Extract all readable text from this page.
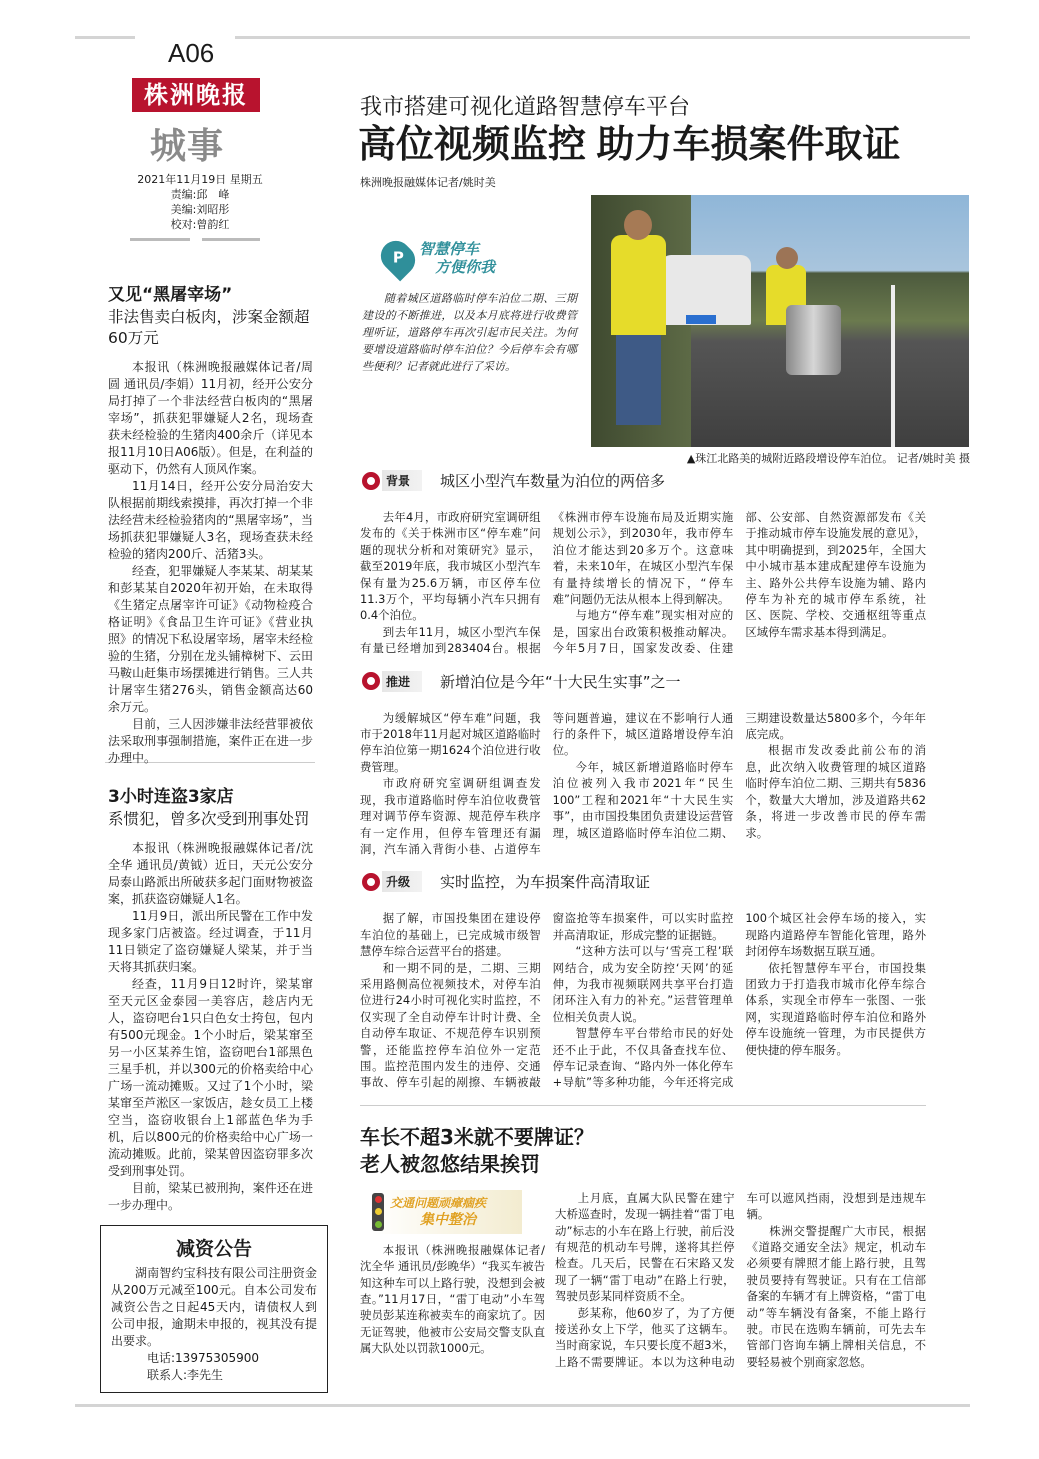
A06
株洲晚报
城事
2021年11月19日 星期五
责编:邱　峰
美编:刘昭彤
校对:曾韵红
又见“黑屠宰场”
非法售卖白板肉，涉案金额超60万元

本报讯（株洲晚报融媒体记者/周圆 通讯员/李娟）11月初，经开公安分局打掉了一个非法经营白板肉的“黑屠宰场”，抓获犯罪嫌疑人2名，现场查获未经检验的生猪肉400余斤（详见本报11月10日A06版）。但是，在利益的驱动下，仍然有人顶风作案。

11月14日，经开公安分局治安大队根据前期线索摸排，再次打掉一个非法经营未经检验猪肉的“黑屠宰场”，当场抓获犯罪嫌疑人3名，现场查获未经检验的猪肉200斤、活猪3头。

经查，犯罪嫌疑人李某某、胡某某和彭某某自2020年初开始，在未取得《生猪定点屠宰许可证》《动物检疫合格证明》《食品卫生许可证》《营业执照》的情况下私设屠宰场，屠宰未经检验的生猪，分别在龙头铺樟树下、云田马鞍山赶集市场摆摊进行销售。三人共计屠宰生猪276头，销售金额高达60余万元。

目前，三人因涉嫌非法经营罪被依法采取刑事强制措施，案件正在进一步办理中。

3小时连盗3家店
系惯犯，曾多次受到刑事处罚

本报讯（株洲晚报融媒体记者/沈全华 通讯员/黄钺）近日，天元公安分局泰山路派出所破获多起门面财物被盗案，抓获盗窃嫌疑人1名。

11月9日，派出所民警在工作中发现多家门店被盗。经过调查，于11月11日锁定了盗窃嫌疑人梁某，并于当天将其抓获归案。

经查，11月9日12时许，梁某窜至天元区金泰园一美容店，趁店内无人，盗窃吧台1只白色女士挎包，包内有500元现金。1个小时后，梁某窜至另一小区某养生馆，盗窃吧台1部黑色三星手机，并以300元的价格卖给中心广场一流动摊贩。又过了1个小时，梁某窜至芦淞区一家饭店，趁女员工上楼空当，盗窃收银台上1部蓝色华为手机，后以800元的价格卖给中心广场一流动摊贩。此前，梁某曾因盗窃罪多次受到刑事处罚。

目前，梁某已被刑拘，案件还在进一步办理中。

减资公告

湖南智约宝科技有限公司注册资金从200万元减至100元。自本公司发布减资公告之日起45天内，请债权人到公司申报，逾期未申报的，视其没有提出要求。

电话:13975305900

联系人:李先生

我市搭建可视化道路智慧停车平台
高位视频监控 助力车损案件取证
株洲晚报融媒体记者/姚时美
P 智慧停车
方便你我

随着城区道路临时停车泊位二期、三期建设的不断推进，以及本月底将进行收费管理听证，道路停车再次引起市民关注。为何要增设道路临时停车泊位？今后停车会有哪些便利？记者就此进行了采访。

▲珠江北路美的城附近路段增设停车泊位。 记者/姚时美 摄
背景	城区小型汽车数量为泊位的两倍多

去年4月，市政府研究室调研组发布的《关于株洲市区“停车难”问题的现状分析和对策研究》显示，截至2019年底，我市城区小型汽车保有量为25.6万辆，市区停车位11.3万个，平均每辆小汽车只拥有0.4个泊位。

到去年11月，城区小型汽车保有量已经增加到283404台。根据《株洲市停车设施布局及近期实施规划公示》，到2030年，我市停车泊位才能达到20多万个。这意味着，未来10年，在城区小型汽车保有量持续增长的情况下，“停车难”问题仍无法从根本上得到解决。

与地方“停车难”现实相对应的是，国家出台政策积极推动解决。今年5月7日，国家发改委、住建部、公安部、自然资源部发布《关于推动城市停车设施发展的意见》，其中明确提到，到2025年，全国大中小城市基本建成配建停车设施为主、路外公共停车设施为辅、路内停车为补充的城市停车系统，社区、医院、学校、交通枢纽等重点区域停车需求基本得到满足。

推进	新增泊位是今年“十大民生实事”之一

为缓解城区“停车难”问题，我市于2018年11月起对城区道路临时停车泊位第一期1624个泊位进行收费管理。

市政府研究室调研组调查发现，我市道路临时停车泊位收费管理对调节停车资源、规范停车秩序有一定作用，但停车管理还有漏洞，汽车涌入背街小巷、占道停车等问题普遍，建议在不影响行人通行的条件下，城区道路增设停车泊位。

今年，城区新增道路临时停车泊位被列入我市2021年“民生100”工程和2021年“十大民生实事”，由市国投集团负责建设运营管理，城区道路临时停车泊位二期、三期建设数量达5800多个，今年年底完成。

根据市发改委此前公布的消息，此次纳入收费管理的城区道路临时停车泊位二期、三期共有5836个，数量大大增加，涉及道路共62条，将进一步改善市民的停车需求。

升级	实时监控，为车损案件高清取证

据了解，市国投集团在建设停车泊位的基础上，已完成城市级智慧停车综合运营平台的搭建。

和一期不同的是，二期、三期采用路侧高位视频技术，对停车泊位进行24小时可视化实时监控，不仅实现了全自动停车计时计费、全自动停车取证、不规范停车识别预警，还能监控停车泊位外一定范围。监控范围内发生的违停、交通事故、停车引起的剐擦、车辆被敲窗盗抢等车损案件，可以实时监控并高清取证，形成完整的证据链。

“这种方法可以与‘雪亮工程’联网结合，成为安全防控‘天网’的延伸，为我市视频联网共享平台打造闭环注入有力的补充。”运营管理单位相关负责人说。

智慧停车平台带给市民的好处还不止于此，不仅具备查找车位、停车记录查询、“路内外一体化停车+导航”等多种功能，今年还将完成100个城区社会停车场的接入，实现路内道路停车智能化管理，路外封闭停车场数据互联互通。

依托智慧停车平台，市国投集团致力于打造我市城市化停车综合体系，实现全市停车一张图、一张网，实现道路临时停车泊位和路外停车设施统一管理，为市民提供方便快捷的停车服务。

车长不超3米就不要牌证？
老人被忽悠结果挨罚
交通问题顽瘴痼疾
集中整治

本报讯（株洲晚报融媒体记者/沈全华 通讯员/彭晚华）“我买车被告知这种车可以上路行驶，没想到会被查。”11月17日，“雷丁电动”小车驾驶员彭某连称被卖车的商家坑了。因无证驾驶，他被市公安局交警支队直属大队处以罚款1000元。

上月底，直属大队民警在建宁大桥巡查时，发现一辆挂着“雷丁电动”标志的小车在路上行驶，前后没有规范的机动车号牌，遂将其拦停检查。几天后，民警在石宋路又发现了一辆“雷丁电动”在路上行驶，驾驶员彭某同样资质不全。

彭某称，他60岁了，为了方便接送孙女上下学，他买了这辆车。当时商家说，车只要长度不超3米，上路不需要牌证。本以为这种电动车可以遮风挡雨，没想到是违规车辆。

株洲交警提醒广大市民，根据《道路交通安全法》规定，机动车必须要有牌照才能上路行驶，且驾驶员要持有驾驶证。只有在工信部备案的车辆才有上牌资格，“雷丁电动”等车辆没有备案，不能上路行驶。市民在选购车辆前，可先去车管部门咨询车辆上牌相关信息，不要轻易被个别商家忽悠。
